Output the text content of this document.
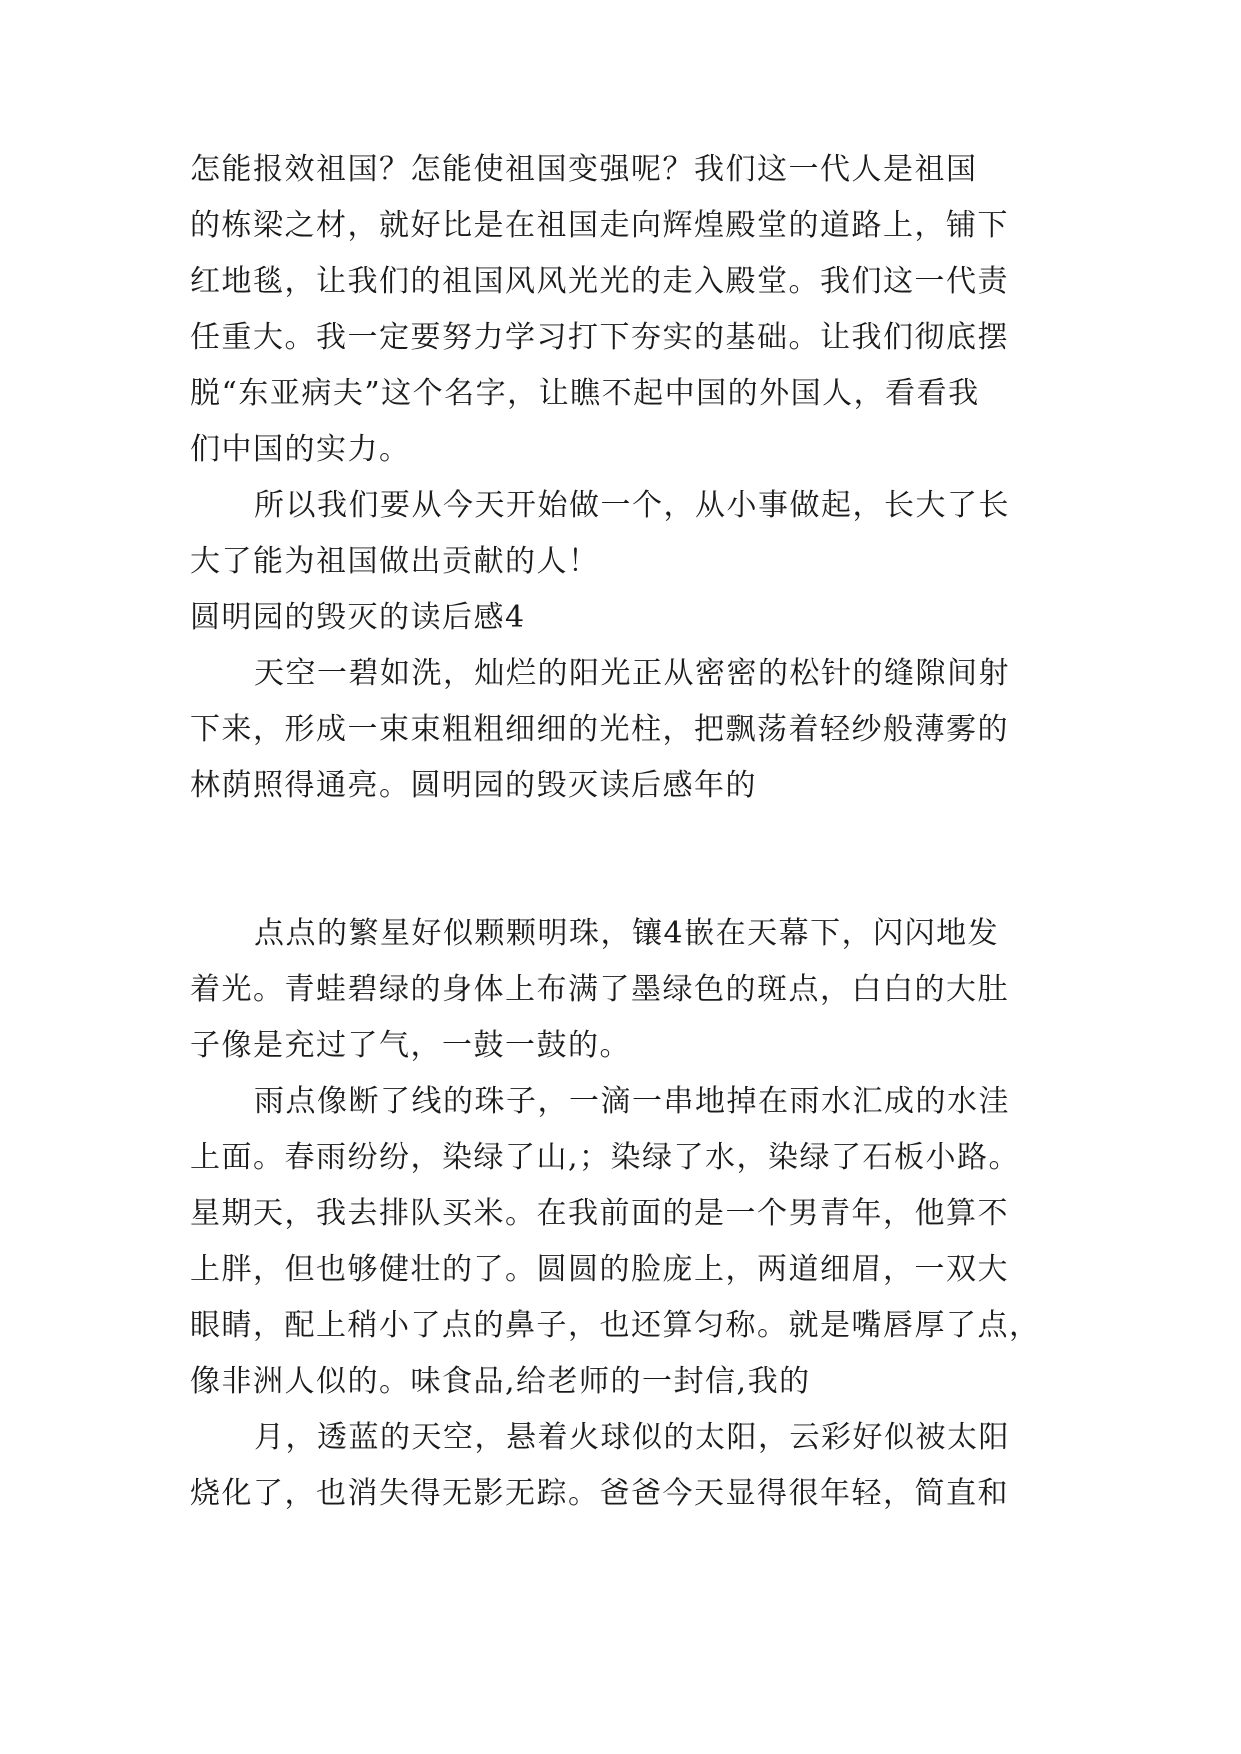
怎能报效祖国？怎能使祖国变强呢？我们这一代人是祖国
的栋梁之材，就好比是在祖国走向辉煌殿堂的道路上，铺下
红地毯，让我们的祖国风风光光的走入殿堂。我们这一代责
任重大。我一定要努力学习打下夯实的基础。让我们彻底摆
脱“东亚病夫”这个名字，让瞧不起中国的外国人，看看我
们中国的实力。
所以我们要从今天开始做一个，从小事做起，长大了长
大了能为祖国做出贡献的人！
圆明园的毁灭的读后感4
天空一碧如洗，灿烂的阳光正从密密的松针的缝隙间射
下来，形成一束束粗粗细细的光柱，把飘荡着轻纱般薄雾的
林荫照得通亮。圆明园的毁灭读后感年的
点点的繁星好似颗颗明珠，镶4嵌在天幕下，闪闪地发
着光。青蛙碧绿的身体上布满了墨绿色的斑点，白白的大肚
子像是充过了气，一鼓一鼓的。
雨点像断了线的珠子，一滴一串地掉在雨水汇成的水洼
上面。春雨纷纷，染绿了山,；染绿了水，染绿了石板小路。
星期天，我去排队买米。在我前面的是一个男青年，他算不
上胖，但也够健壮的了。圆圆的脸庞上，两道细眉，一双大
眼睛，配上稍小了点的鼻子，也还算匀称。就是嘴唇厚了点，
像非洲人似的。味食品,给老师的一封信,我的
月，透蓝的天空，悬着火球似的太阳，云彩好似被太阳
烧化了，也消失得无影无踪。爸爸今天显得很年轻，简直和
